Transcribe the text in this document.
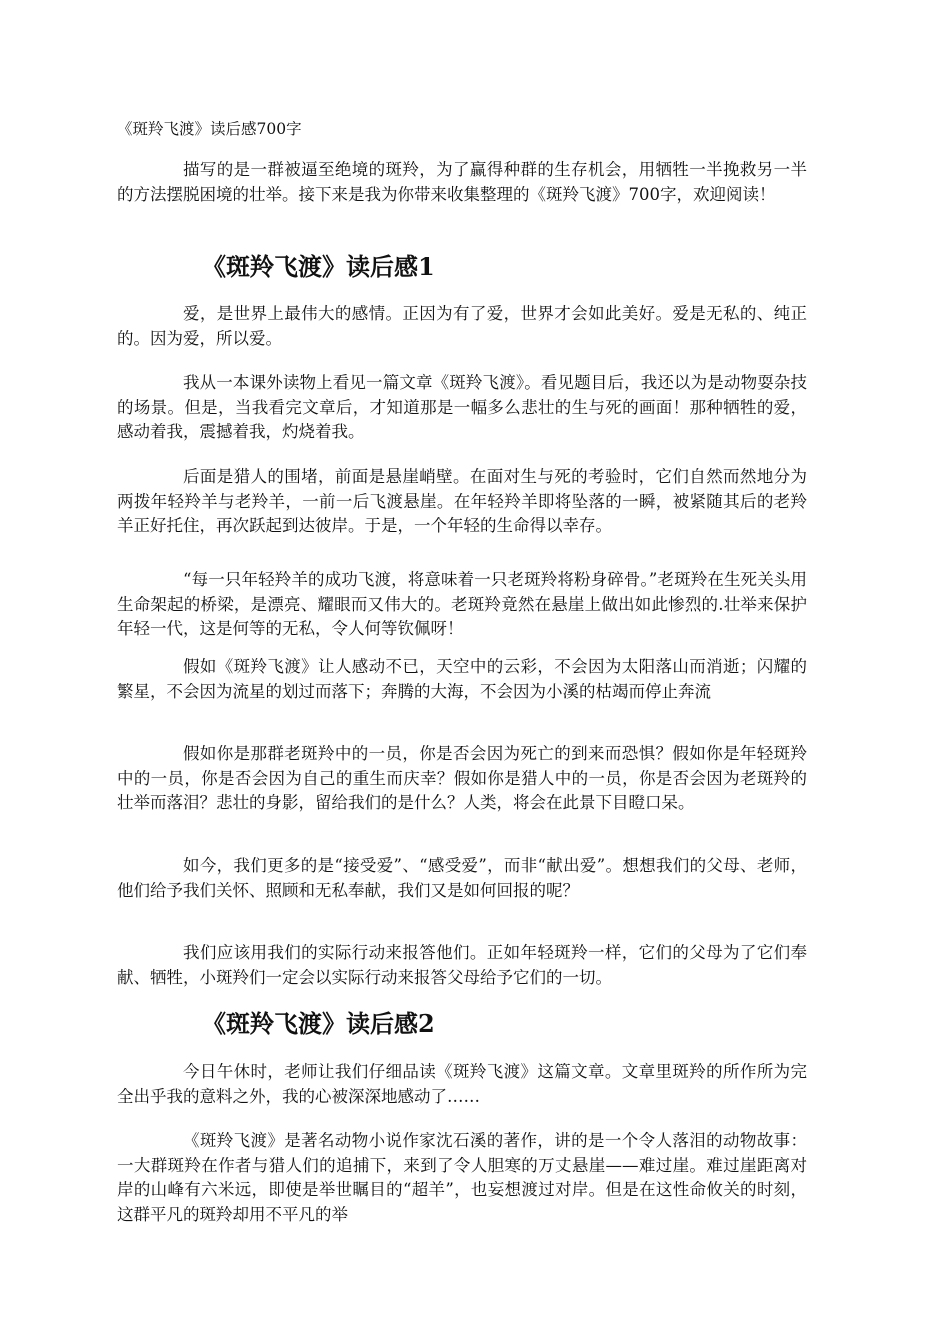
《斑羚飞渡》读后感700字

描写的是一群被逼至绝境的斑羚，为了赢得种群的生存机会，用牺牲一半挽救另一半的方法摆脱困境的壮举。接下来是我为你带来收集整理的《斑羚飞渡》700字，欢迎阅读！

《斑羚飞渡》读后感1

爱，是世界上最伟大的感情。正因为有了爱，世界才会如此美好。爱是无私的、纯正的。因为爱，所以爱。

我从一本课外读物上看见一篇文章《斑羚飞渡》。看见题目后，我还以为是动物耍杂技的场景。但是，当我看完文章后，才知道那是一幅多么悲壮的生与死的画面！那种牺牲的爱，感动着我，震撼着我，灼烧着我。

后面是猎人的围堵，前面是悬崖峭壁。在面对生与死的考验时，它们自然而然地分为两拨年轻羚羊与老羚羊，一前一后飞渡悬崖。在年轻羚羊即将坠落的一瞬，被紧随其后的老羚羊正好托住，再次跃起到达彼岸。于是，一个年轻的生命得以幸存。

“每一只年轻羚羊的成功飞渡，将意味着一只老斑羚将粉身碎骨。”老斑羚在生死关头用生命架起的桥梁，是漂亮、耀眼而又伟大的。老斑羚竟然在悬崖上做出如此惨烈的.壮举来保护年轻一代，这是何等的无私，令人何等钦佩呀！

假如《斑羚飞渡》让人感动不已，天空中的云彩，不会因为太阳落山而消逝；闪耀的繁星，不会因为流星的划过而落下；奔腾的大海，不会因为小溪的枯竭而停止奔流

假如你是那群老斑羚中的一员，你是否会因为死亡的到来而恐惧？假如你是年轻斑羚中的一员，你是否会因为自己的重生而庆幸？假如你是猎人中的一员，你是否会因为老斑羚的壮举而落泪？悲壮的身影，留给我们的是什么？人类，将会在此景下目瞪口呆。

如今，我们更多的是“接受爱”、“感受爱”，而非“献出爱”。想想我们的父母、老师，他们给予我们关怀、照顾和无私奉献，我们又是如何回报的呢？

我们应该用我们的实际行动来报答他们。正如年轻斑羚一样，它们的父母为了它们奉献、牺牲，小斑羚们一定会以实际行动来报答父母给予它们的一切。

《斑羚飞渡》读后感2

今日午休时，老师让我们仔细品读《斑羚飞渡》这篇文章。文章里斑羚的所作所为完全出乎我的意料之外，我的心被深深地感动了……

《斑羚飞渡》是著名动物小说作家沈石溪的著作，讲的是一个令人落泪的动物故事：一大群斑羚在作者与猎人们的追捕下，来到了令人胆寒的万丈悬崖——难过崖。难过崖距离对岸的山峰有六米远，即使是举世瞩目的“超羊”，也妄想渡过对岸。但是在这性命攸关的时刻，这群平凡的斑羚却用不平凡的举
